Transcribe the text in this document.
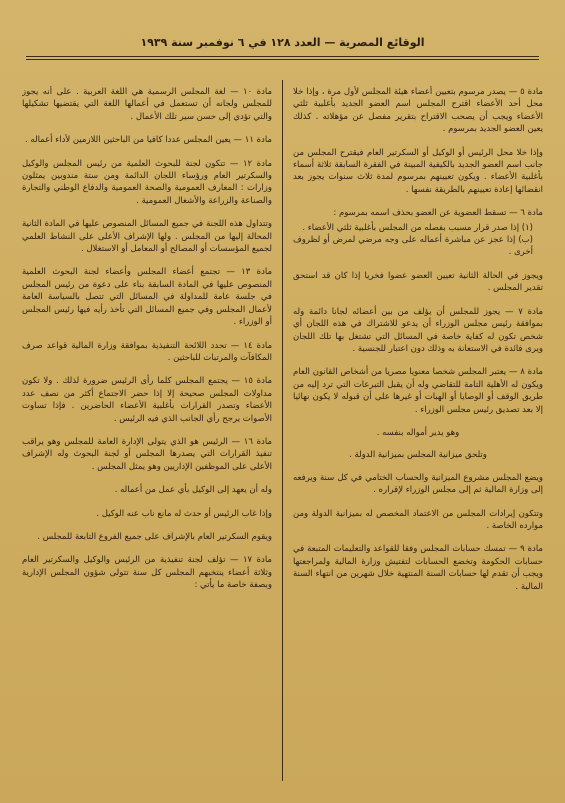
الوقائع المصرية — العدد ١٢٨ في ٦ نوفمبر سنة ١٩٣٩

مادة ٥ — يصدر مرسوم بتعيين أعضاء هيئة المجلس لأول مرة ، وإذا خلا محل أحد الأعضاء اقترح المجلس اسم العضو الجديد بأغلبية ثلثي الأعضاء ويجب أن يصحب الاقتراح بتقرير مفصل عن مؤهلاته . كذلك يعين العضو الجديد بمرسوم .

وإذا خلا محل الرئيس أو الوكيل أو السكرتير العام فيقترح المجلس من جانب اسم العضو الجديد بالكيفية المبينة في الفقرة السابقة ثلاثة أسماء بأغلبية الأعضاء . ويكون تعيينهم بمرسوم لمدة ثلاث سنوات يجوز بعد انقضائها إعادة تعيينهم بالطريقة نفسها .

مادة ٦ — تسقط العضوية عن العضو بحذف اسمه بمرسوم :

(١) إذا صدر قرار مسبب بفصله من المجلس بأغلبية ثلثي الأعضاء .

(ب) إذا عجز عن مباشرة أعماله على وجه مرضي لمرض أو لظروف أخرى .

ويجوز في الحالة الثانية تعيين العضو عضوا فخريا إذا كان قد استحق تقدير المجلس .

مادة ٧ — يجوز للمجلس أن يؤلف من بين أعضائه لجانا دائمة وله بموافقة رئيس مجلس الوزراء أن يدعو للاشتراك في هذه اللجان أي شخص تكون له كفاية خاصة في المسائل التي تشتغل بها تلك اللجان ويرى فائدة في الاستعانة به وذلك دون اعتبار للجنسية .

مادة ٨ — يعتبر المجلس شخصا معنويا مصريا من أشخاص القانون العام ويكون له الأهلية التامة للتقاضي وله أن يقبل التبرعات التي ترد إليه من طريق الوقف أو الوصايا أو الهبات أو غيرها على أن قبوله لا يكون نهائيا إلا بعد تصديق رئيس مجلس الوزراء .

وهو يدير أمواله بنفسه .

وتلحق ميزانية المجلس بميزانية الدولة .

ويضع المجلس مشروع الميزانية والحساب الختامي في كل سنة ويرفعه إلى وزارة المالية ثم إلى مجلس الوزراء لإقراره .

وتتكون إيرادات المجلس من الاعتماد المخصص له بميزانية الدولة ومن موارده الخاصة .

مادة ٩ — تمسك حسابات المجلس وفقا للقواعد والتعليمات المتبعة في حسابات الحكومة وتخضع الحسابات لتفتيش وزارة المالية ولمراجعتها ويجب أن تقدم لها حسابات السنة المنتهية خلال شهرين من انتهاء السنة المالية .

مادة ١٠ — لغة المجلس الرسمية هي اللغة العربية . على أنه يجوز للمجلس ولجانه أن تستعمل في أعمالها اللغة التي يقتضيها تشكيلها والتي تؤدي إلى حسن سير تلك الأعمال .

مادة ١١ — يعين المجلس عددا كافيا من الباحثين اللازمين لأداء أعماله .

مادة ١٢ — تتكون لجنة للبحوث العلمية من رئيس المجلس والوكيل والسكرتير العام ورؤساء اللجان الدائمة ومن ستة مندوبين يمثلون وزارات : المعارف العمومية والصحة العمومية والدفاع الوطني والتجارة والصناعة والزراعة والأشغال العمومية .

وتتداول هذه اللجنة في جميع المسائل المنصوص عليها في المادة الثانية المحالة إليها من المجلس . ولها الإشراف الأعلى على النشاط العلمي لجميع المؤسسات أو المصالح أو المعامل أو الاستغلال .

مادة ١٣ — تجتمع أعضاء المجلس وأعضاء لجنة البحوث العلمية المنصوص عليها في المادة السابقة بناء على دعوة من رئيس المجلس في جلسة عامة للمداولة في المسائل التي تتصل بالسياسة العامة لأعمال المجلس وفي جميع المسائل التي تأخذ رأيه فيها رئيس المجلس أو الوزراء .

مادة ١٤ — تحدد اللائحة التنفيذية بموافقة وزارة المالية قواعد صرف المكافآت والمرتبات للباحثين .

مادة ١٥ — يجتمع المجلس كلما رأى الرئيس ضرورة لذلك . ولا تكون مداولات المجلس صحيحة إلا إذا حضر الاجتماع أكثر من نصف عدد الأعضاء وتصدر القرارات بأغلبية الأعضاء الحاضرين . فإذا تساوت الأصوات يرجح رأي الجانب الذي فيه الرئيس .

مادة ١٦ — الرئيس هو الذي يتولى الإدارة العامة للمجلس وهو يراقب تنفيذ القرارات التي يصدرها المجلس أو لجنة البحوث وله الإشراف الأعلى على الموظفين الإداريين وهو يمثل المجلس .

وله أن يعهد إلى الوكيل بأي عمل من أعماله .

وإذا غاب الرئيس أو حدث له مانع ناب عنه الوكيل .

ويقوم السكرتير العام بالإشراف على جميع الفروع التابعة للمجلس .

مادة ١٧ — تؤلف لجنة تنفيذية من الرئيس والوكيل والسكرتير العام وثلاثة أعضاء ينتخبهم المجلس كل سنة تتولى شؤون المجلس الإدارية وبصفة خاصة ما يأتي :
